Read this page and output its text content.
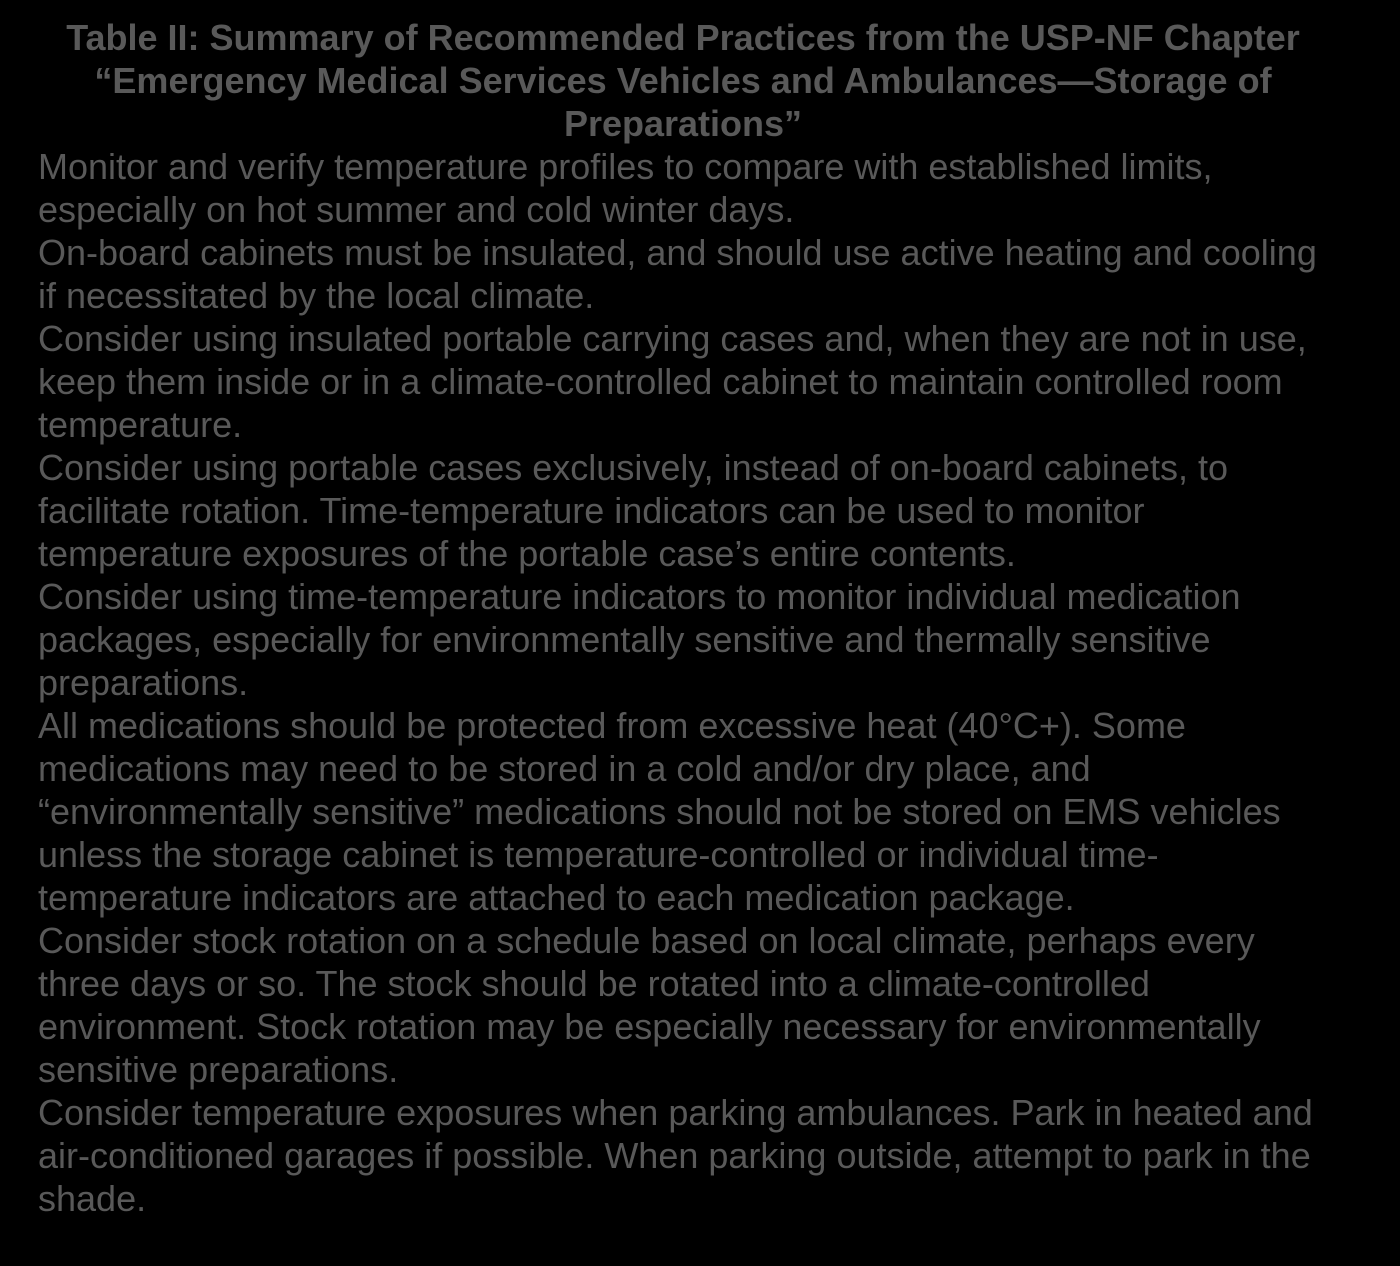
Table II: Summary of Recommended Practices from the USP-NF Chapter “Emergency Medical Services Vehicles and Ambulances—Storage of Preparations”

Monitor and verify temperature profiles to compare with established limits, especially on hot summer and cold winter days.

On-board cabinets must be insulated, and should use active heating and cooling if necessitated by the local climate.

Consider using insulated portable carrying cases and, when they are not in use, keep them inside or in a climate-controlled cabinet to maintain controlled room temperature.

Consider using portable cases exclusively, instead of on-board cabinets, to facilitate rotation. Time-temperature indicators can be used to monitor temperature exposures of the portable case’s entire contents.

Consider using time-temperature indicators to monitor individual medication packages, especially for environmentally sensitive and thermally sensitive preparations.

All medications should be protected from excessive heat (40°C+). Some medications may need to be stored in a cold and/or dry place, and “environmentally sensitive” medications should not be stored on EMS vehicles unless the storage cabinet is temperature-controlled or individual time-temperature indicators are attached to each medication package.

Consider stock rotation on a schedule based on local climate, perhaps every three days or so. The stock should be rotated into a climate-controlled environment. Stock rotation may be especially necessary for environmentally sensitive preparations.

Consider temperature exposures when parking ambulances. Park in heated and air-conditioned garages if possible. When parking outside, attempt to park in the shade.
